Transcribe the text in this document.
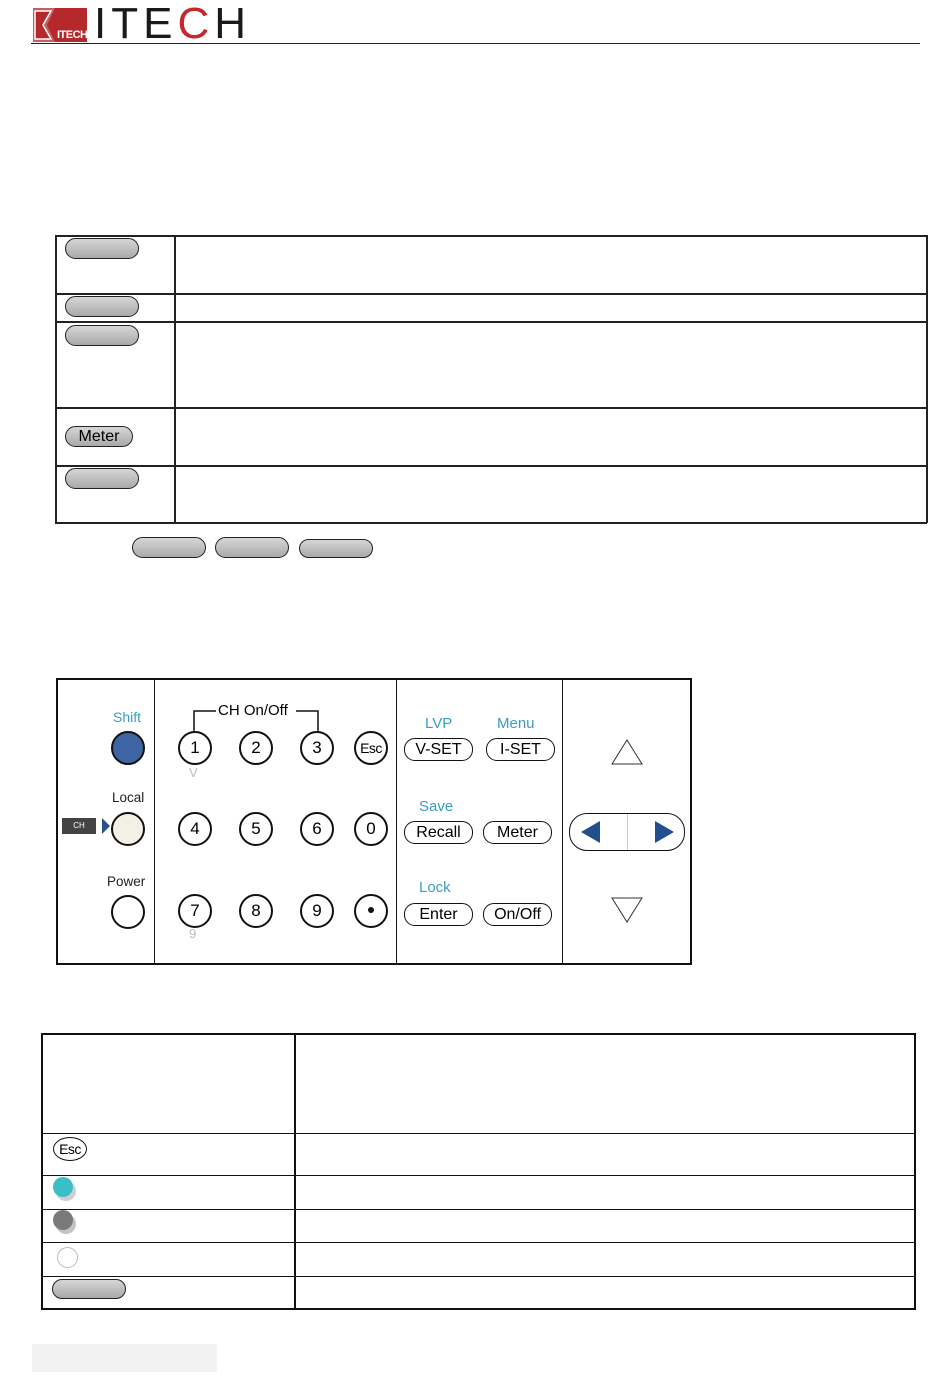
ITECH ITECH
Meter
Shift
Local
CH
Power
CH On/Off
1
V
2	3	Esc
4	5	6	0
7
9
8	9
LVP	Menu
V-SET	I-SET
Save
Recall	Meter
Lock
Enter	On/Off
Esc
